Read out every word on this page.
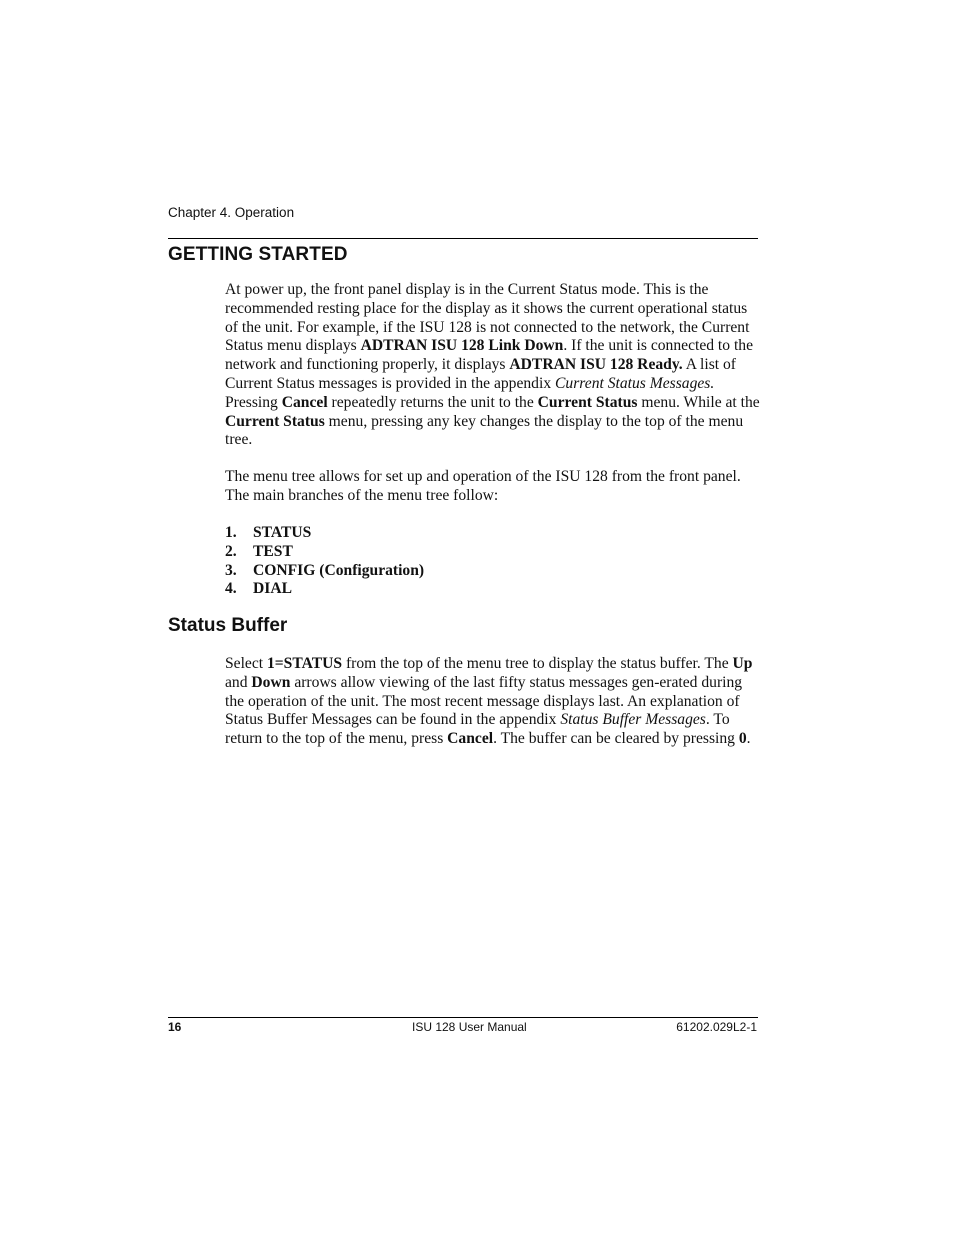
Chapter 4. Operation
GETTING STARTED

At power up, the front panel display is in the Current Status mode. This is the recommended resting place for the display as it shows the current operational status of the unit. For example, if the ISU 128 is not connected to the network, the Current Status menu displays ADTRAN ISU 128 Link Down. If the unit is connected to the network and functioning properly, it displays ADTRAN ISU 128 Ready. A list of Current Status messages is provided in the appendix Current Status Messages. Pressing Cancel repeatedly returns the unit to the Current Status menu. While at the Current Status menu, pressing any key changes the display to the top of the menu tree.

The menu tree allows for set up and operation of the ISU 128 from the front panel. The main branches of the menu tree follow:

1.	STATUS
2.	TEST
3.	CONFIG (Configuration)
4.	DIAL
Status Buffer

Select 1=STATUS from the top of the menu tree to display the status buffer. The Up and Down arrows allow viewing of the last fifty status messages gen-erated during the operation of the unit. The most recent message displays last. An explanation of Status Buffer Messages can be found in the appendix Status Buffer Messages. To return to the top of the menu, press Cancel. The buffer can be cleared by pressing 0.

16	ISU 128 User Manual	61202.029L2-1
